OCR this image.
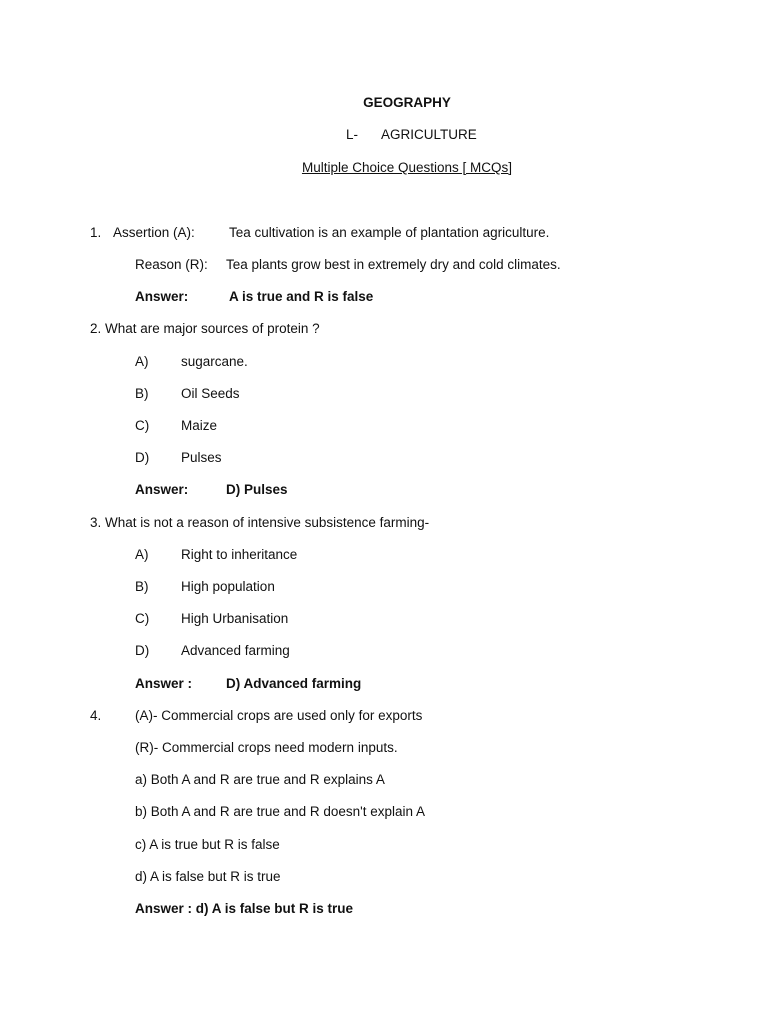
GEOGRAPHY
L- AGRICULTURE
Multiple Choice Questions [ MCQs]
1. Assertion (A):	Tea cultivation is an example of plantation agriculture.
Reason (R): Tea plants grow best in extremely dry and cold climates.
Answer:	A is true and R is false
2. What are major sources of protein ?
A) sugarcane.
B) Oil Seeds
C) Maize
D) Pulses
Answer:	D) Pulses
3. What is not a reason of intensive subsistence farming-
A) Right to inheritance
B) High population
C) High Urbanisation
D) Advanced farming
Answer :	D) Advanced farming
4. (A)- Commercial crops are used only for exports
(R)- Commercial crops need modern inputs.
a) Both A and R are true and R explains A
b) Both A and R are true and R doesn't explain A
c) A is true but R is false
d) A is false but R is true
Answer : d) A is false but R is true
